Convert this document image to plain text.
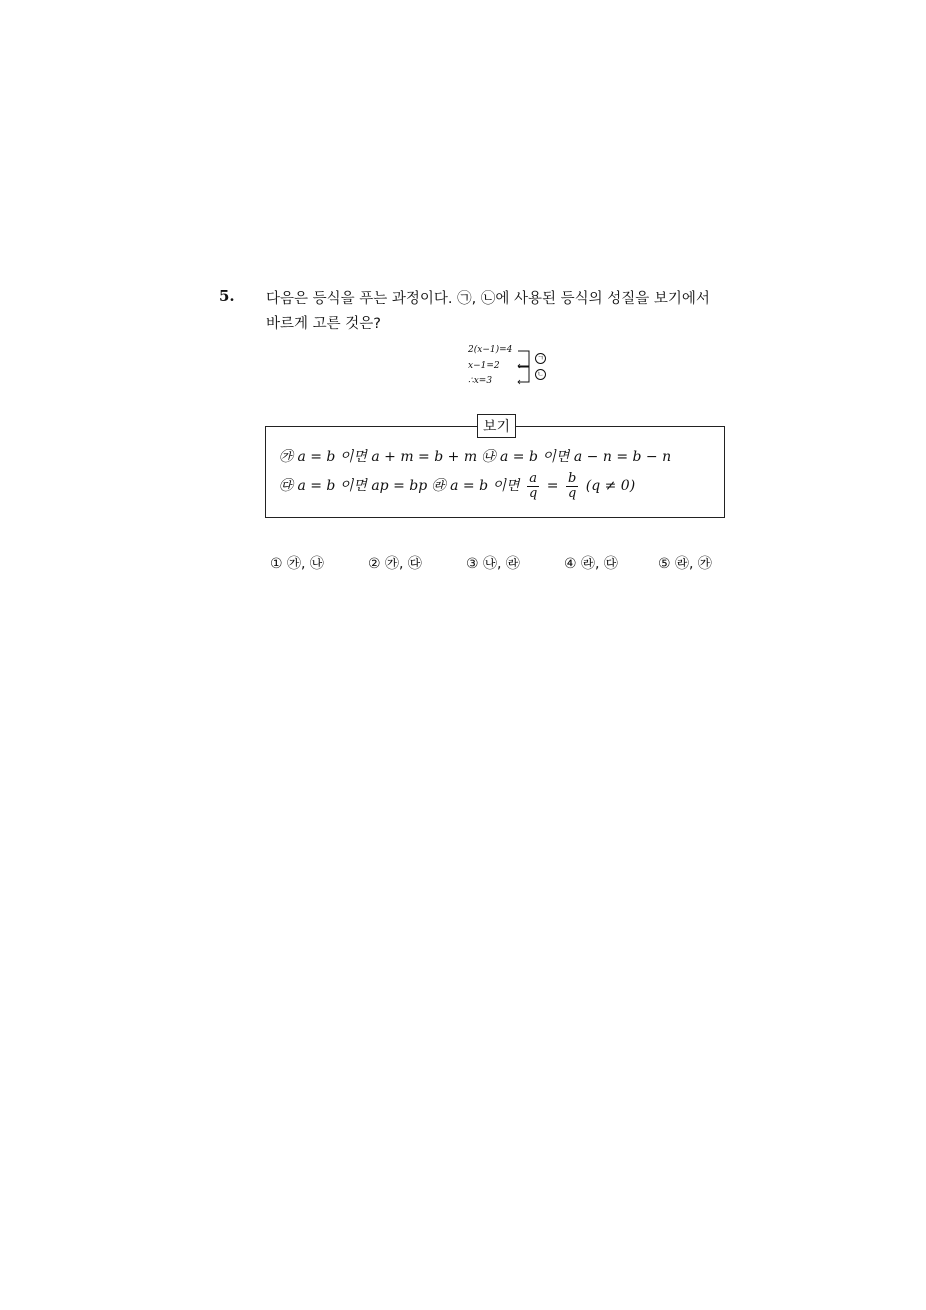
5. 다음은 등식을 푸는 과정이다. ㉠, ㉡에 사용된 등식의 성질을 보기에서
바르게 고른 것은?
2(x−1)=4
x−1=2
∴x=3
ㄱ
ㄴ
보기
㉮ a = b 이면 a + m = b + m ㉯ a = b 이면 a − n = b − n
㉰ a = b 이면 ap = bp ㉱ a = b 이면 $\frac{a}{q} = \frac{b}{q} (q \ne 0)$
① ㉮, ㉯	② ㉮, ㉰	③ ㉯, ㉱	④ ㉱, ㉰	⑤ ㉱, ㉮
